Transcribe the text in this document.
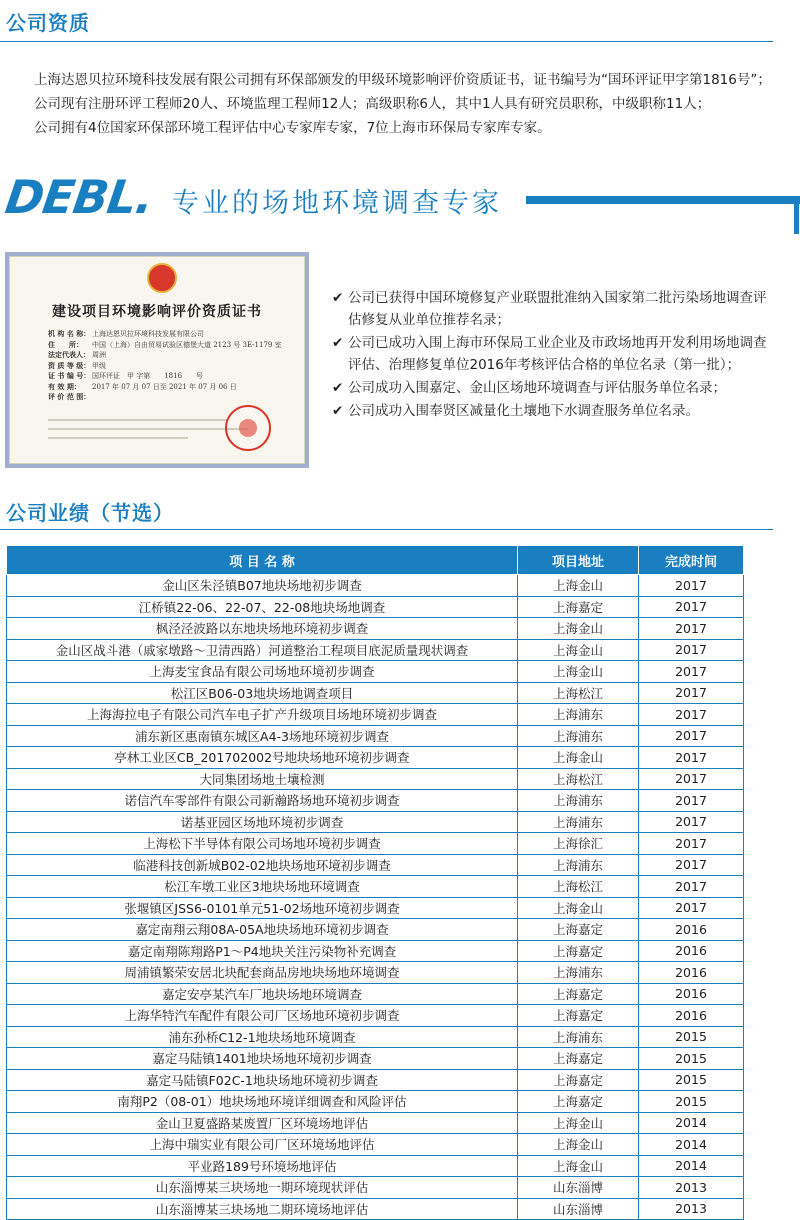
公司资质

上海达恩贝拉环境科技发展有限公司拥有环保部颁发的甲级环境影响评价资质证书，证书编号为“国环评证甲字第1816号”；

公司现有注册环评工程师20人、环境监理工程师12人；高级职称6人，其中1人具有研究员职称，中级职称11人；

公司拥有4位国家环保部环境工程评估中心专家库专家，7位上海市环保局专家库专家。

DEBL. 专业的场地环境调查专家
建设项目环境影响评价资质证书
机 构 名 称： 上海达恩贝拉环境科技发展有限公司
住　　所：	中国（上海）自由贸易试验区德堡大道 2123 号 3E-1179 室
法定代表人： 周洲
资 质 等 级： 甲级
证 书 编 号： 国环评证　甲 字第　　1816　　号
有 效 期：	2017 年 07 月 07 日至 2021 年 07 月 06 日
评 价 范 围：
✔ 公司已获得中国环境修复产业联盟批准纳入国家第二批污染场地调查评估修复从业单位推荐名录；
✔ 公司已成功入围上海市环保局工业企业及市政场地再开发利用场地调查评估、治理修复单位2016年考核评估合格的单位名录（第一批）；
✔ 公司成功入围嘉定、金山区场地环境调查与评估服务单位名录；
✔ 公司成功入围奉贤区减量化土壤地下水调查服务单位名录。
公司业绩（节选）
项 目 名 称	项目地址	完成时间
金山区朱泾镇B07地块场地初步调查	上海金山	2017
江桥镇22-06、22-07、22-08地块场地调查	上海嘉定	2017
枫泾泾波路以东地块场地环境初步调查	上海金山	2017
金山区战斗港（戚家墩路～卫清西路）河道整治工程项目底泥质量现状调查	上海金山	2017
上海麦宝食品有限公司场地环境初步调查	上海金山	2017
松江区B06-03地块场地调查项目	上海松江	2017
上海海拉电子有限公司汽车电子扩产升级项目场地环境初步调查	上海浦东	2017
浦东新区惠南镇东城区A4-3场地环境初步调查	上海浦东	2017
亭林工业区CB_201702002号地块场地环境初步调查	上海金山	2017
大同集团场地土壤检测	上海松江	2017
诺信汽车零部件有限公司新瀚路场地环境初步调查	上海浦东	2017
诺基亚园区场地环境初步调查	上海浦东	2017
上海松下半导体有限公司场地环境初步调查	上海徐汇	2017
临港科技创新城B02-02地块场地环境初步调查	上海浦东	2017
松江车墩工业区3地块场地环境调查	上海松江	2017
张堰镇区JSS6-0101单元51-02场地环境初步调查	上海金山	2017
嘉定南翔云翔08A-05A地块场地环境初步调查	上海嘉定	2016
嘉定南翔陈翔路P1～P4地块关注污染物补充调查	上海嘉定	2016
周浦镇繁荣安居北块配套商品房地块场地环境调查	上海浦东	2016
嘉定安亭某汽车厂地块场地环境调查	上海嘉定	2016
上海华特汽车配件有限公司厂区场地环境初步调查	上海嘉定	2016
浦东孙桥C12-1地块场地环境调查	上海浦东	2015
嘉定马陆镇1401地块场地环境初步调查	上海嘉定	2015
嘉定马陆镇F02C-1地块场地环境初步调查	上海嘉定	2015
南翔P2（08-01）地块场地环境详细调查和风险评估	上海嘉定	2015
金山卫夏盛路某废置厂区环境场地评估	上海金山	2014
上海中瑞实业有限公司厂区环境场地评估	上海金山	2014
平业路189号环境场地评估	上海金山	2014
山东淄博某三块场地一期环境现状评估	山东淄博	2013
山东淄博某三块场地二期环境场地评估	山东淄博	2013
